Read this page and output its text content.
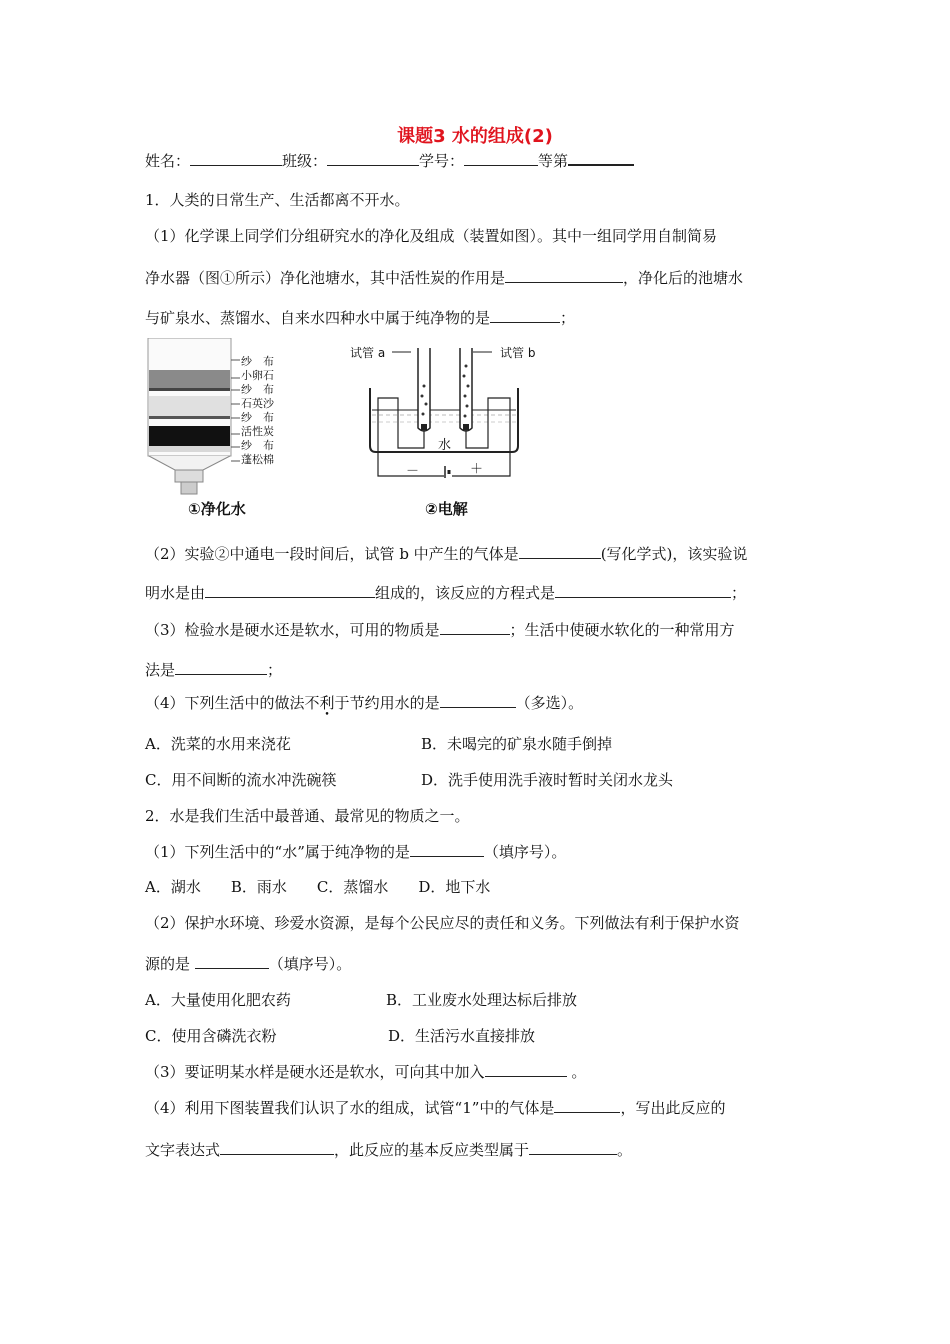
课题3 水的组成(2)
姓名：	班级：	学号：	等第
1．人类的日常生产、生活都离不开水。
（1）化学课上同学们分组研究水的净化及组成（装置如图）。其中一组同学用自制简易
净水器（图①所示）净化池塘水，其中活性炭的作用是	，净化后的池塘水
与矿泉水、蒸馏水、自来水四种水中属于纯净物的是	；
纱　布
小卵石
纱　布
石英沙
纱　布
活性炭
纱　布
蓬松棉
①净化水
试管 a	试管 b
水
－	＋
②电解
（2）实验②中通电一段时间后，试管 b 中产生的气体是	(写化学式)，该实验说
明水是由	组成的，该反应的方程式是	；
（3）检验水是硬水还是软水，可用的物质是	；生活中使硬水软化的一种常用方
法是	；
（4）下列生活中的做法不利于节约用水的是	（多选）。
A．洗菜的水用来浇花	B．未喝完的矿泉水随手倒掉
C．用不间断的流水冲洗碗筷	D．洗手使用洗手液时暂时关闭水龙头
2．水是我们生活中最普通、最常见的物质之一。
（1）下列生活中的“水”属于纯净物的是	（填序号）。
A．湖水　　B．雨水　　C．蒸馏水　　D．地下水
（2）保护水环境、珍爱水资源，是每个公民应尽的责任和义务。下列做法有利于保护水资
源的是	（填序号）。
A．大量使用化肥农药	B．工业废水处理达标后排放
C．使用含磷洗衣粉	D．生活污水直接排放
（3）要证明某水样是硬水还是软水，可向其中加入	。
（4）利用下图装置我们认识了水的组成，试管“1”中的气体是	，写出此反应的
文字表达式	，此反应的基本反应类型属于	。
